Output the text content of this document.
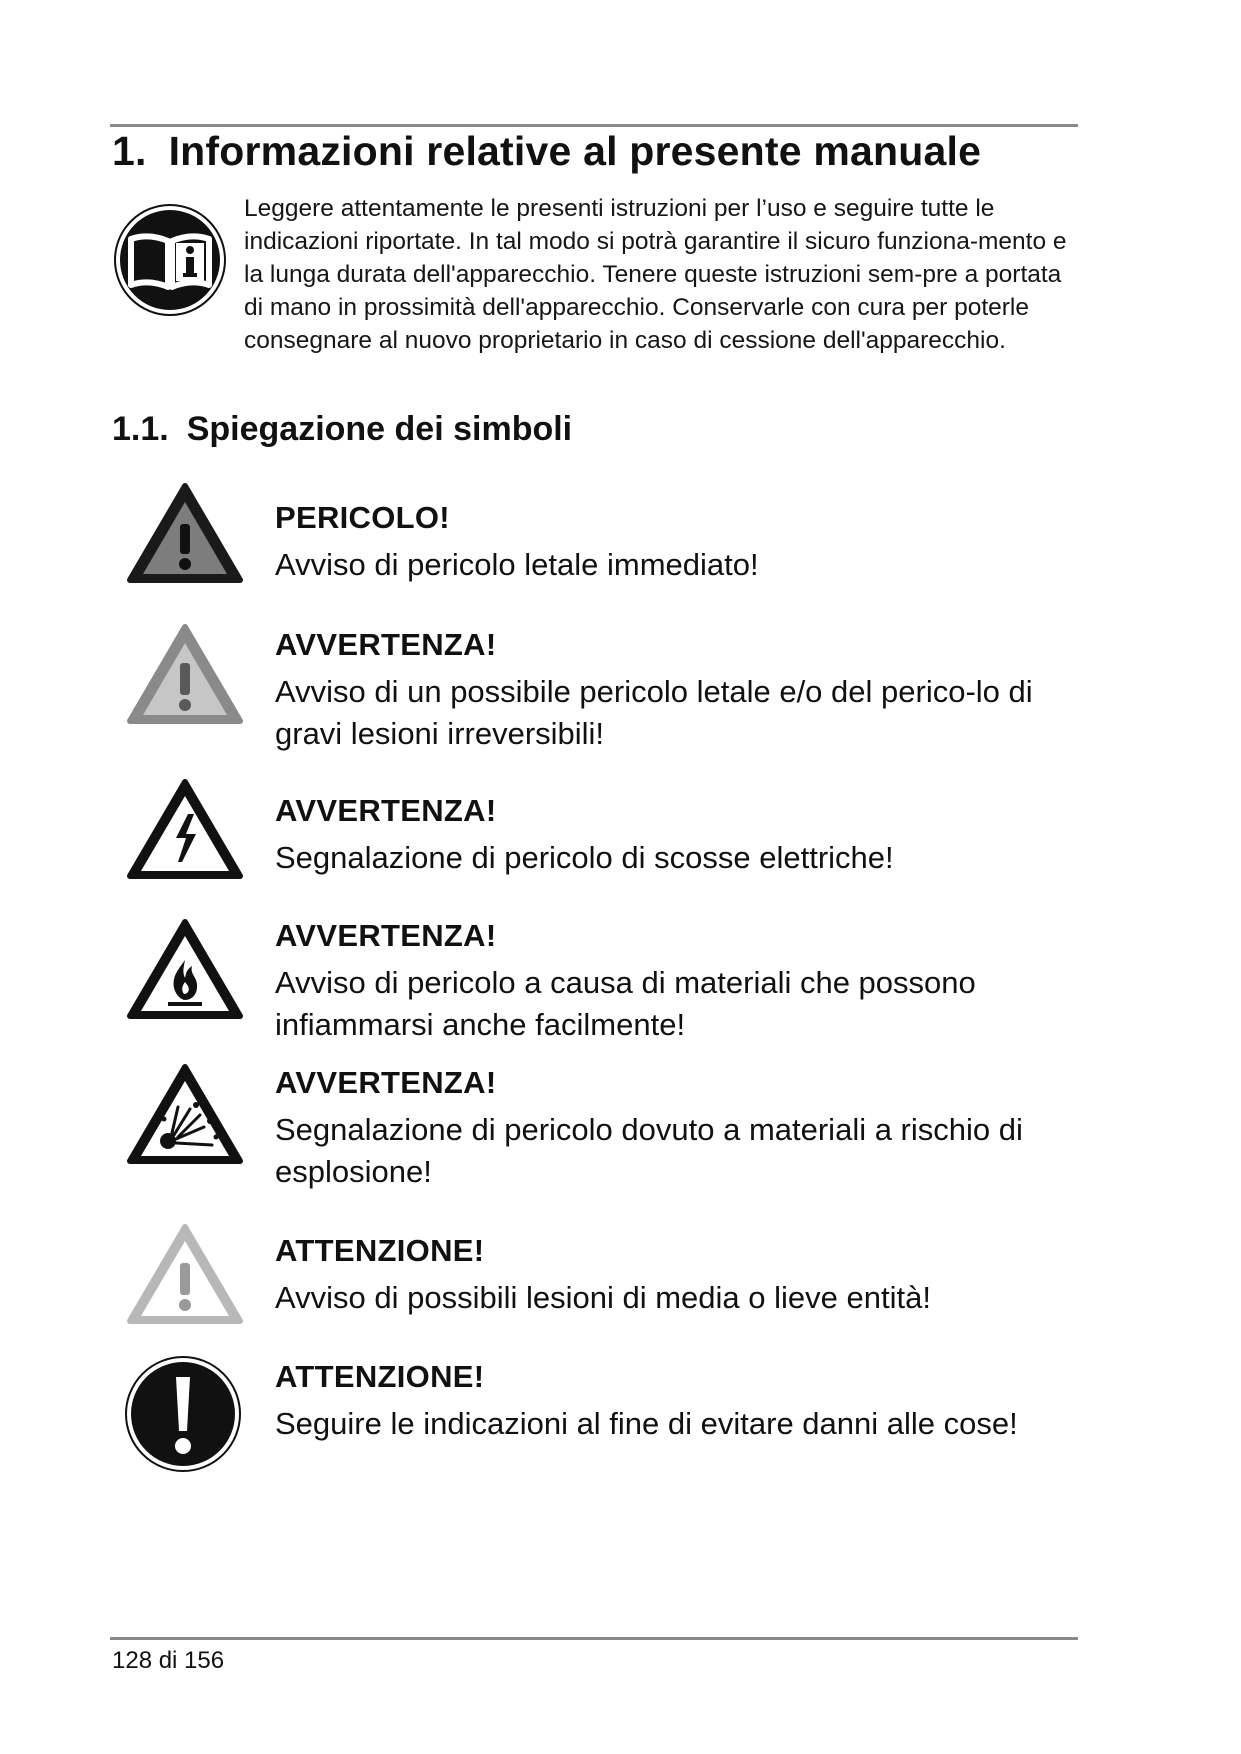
1. Informazioni relative al presente manuale

Leggere attentamente le presenti istruzioni per l’uso e seguire tutte le indicazioni riportate. In tal modo si potrà garantire il sicuro funziona-mento e la lunga durata dell'apparecchio. Tenere queste istruzioni sem-pre a portata di mano in prossimità dell'apparecchio. Conservarle con cura per poterle consegnare al nuovo proprietario in caso di cessione dell'apparecchio.

1.1. Spiegazione dei simboli

PERICOLO!

Avviso di pericolo letale immediato!

AVVERTENZA!

Avviso di un possibile pericolo letale e/o del perico-lo di gravi lesioni irreversibili!

AVVERTENZA!

Segnalazione di pericolo di scosse elettriche!

AVVERTENZA!

Avviso di pericolo a causa di materiali che possono infiammarsi anche facilmente!

AVVERTENZA!

Segnalazione di pericolo dovuto a materiali a rischio di esplosione!

ATTENZIONE!

Avviso di possibili lesioni di media o lieve entità!

ATTENZIONE!

Seguire le indicazioni al fine di evitare danni alle cose!

128 di 156
